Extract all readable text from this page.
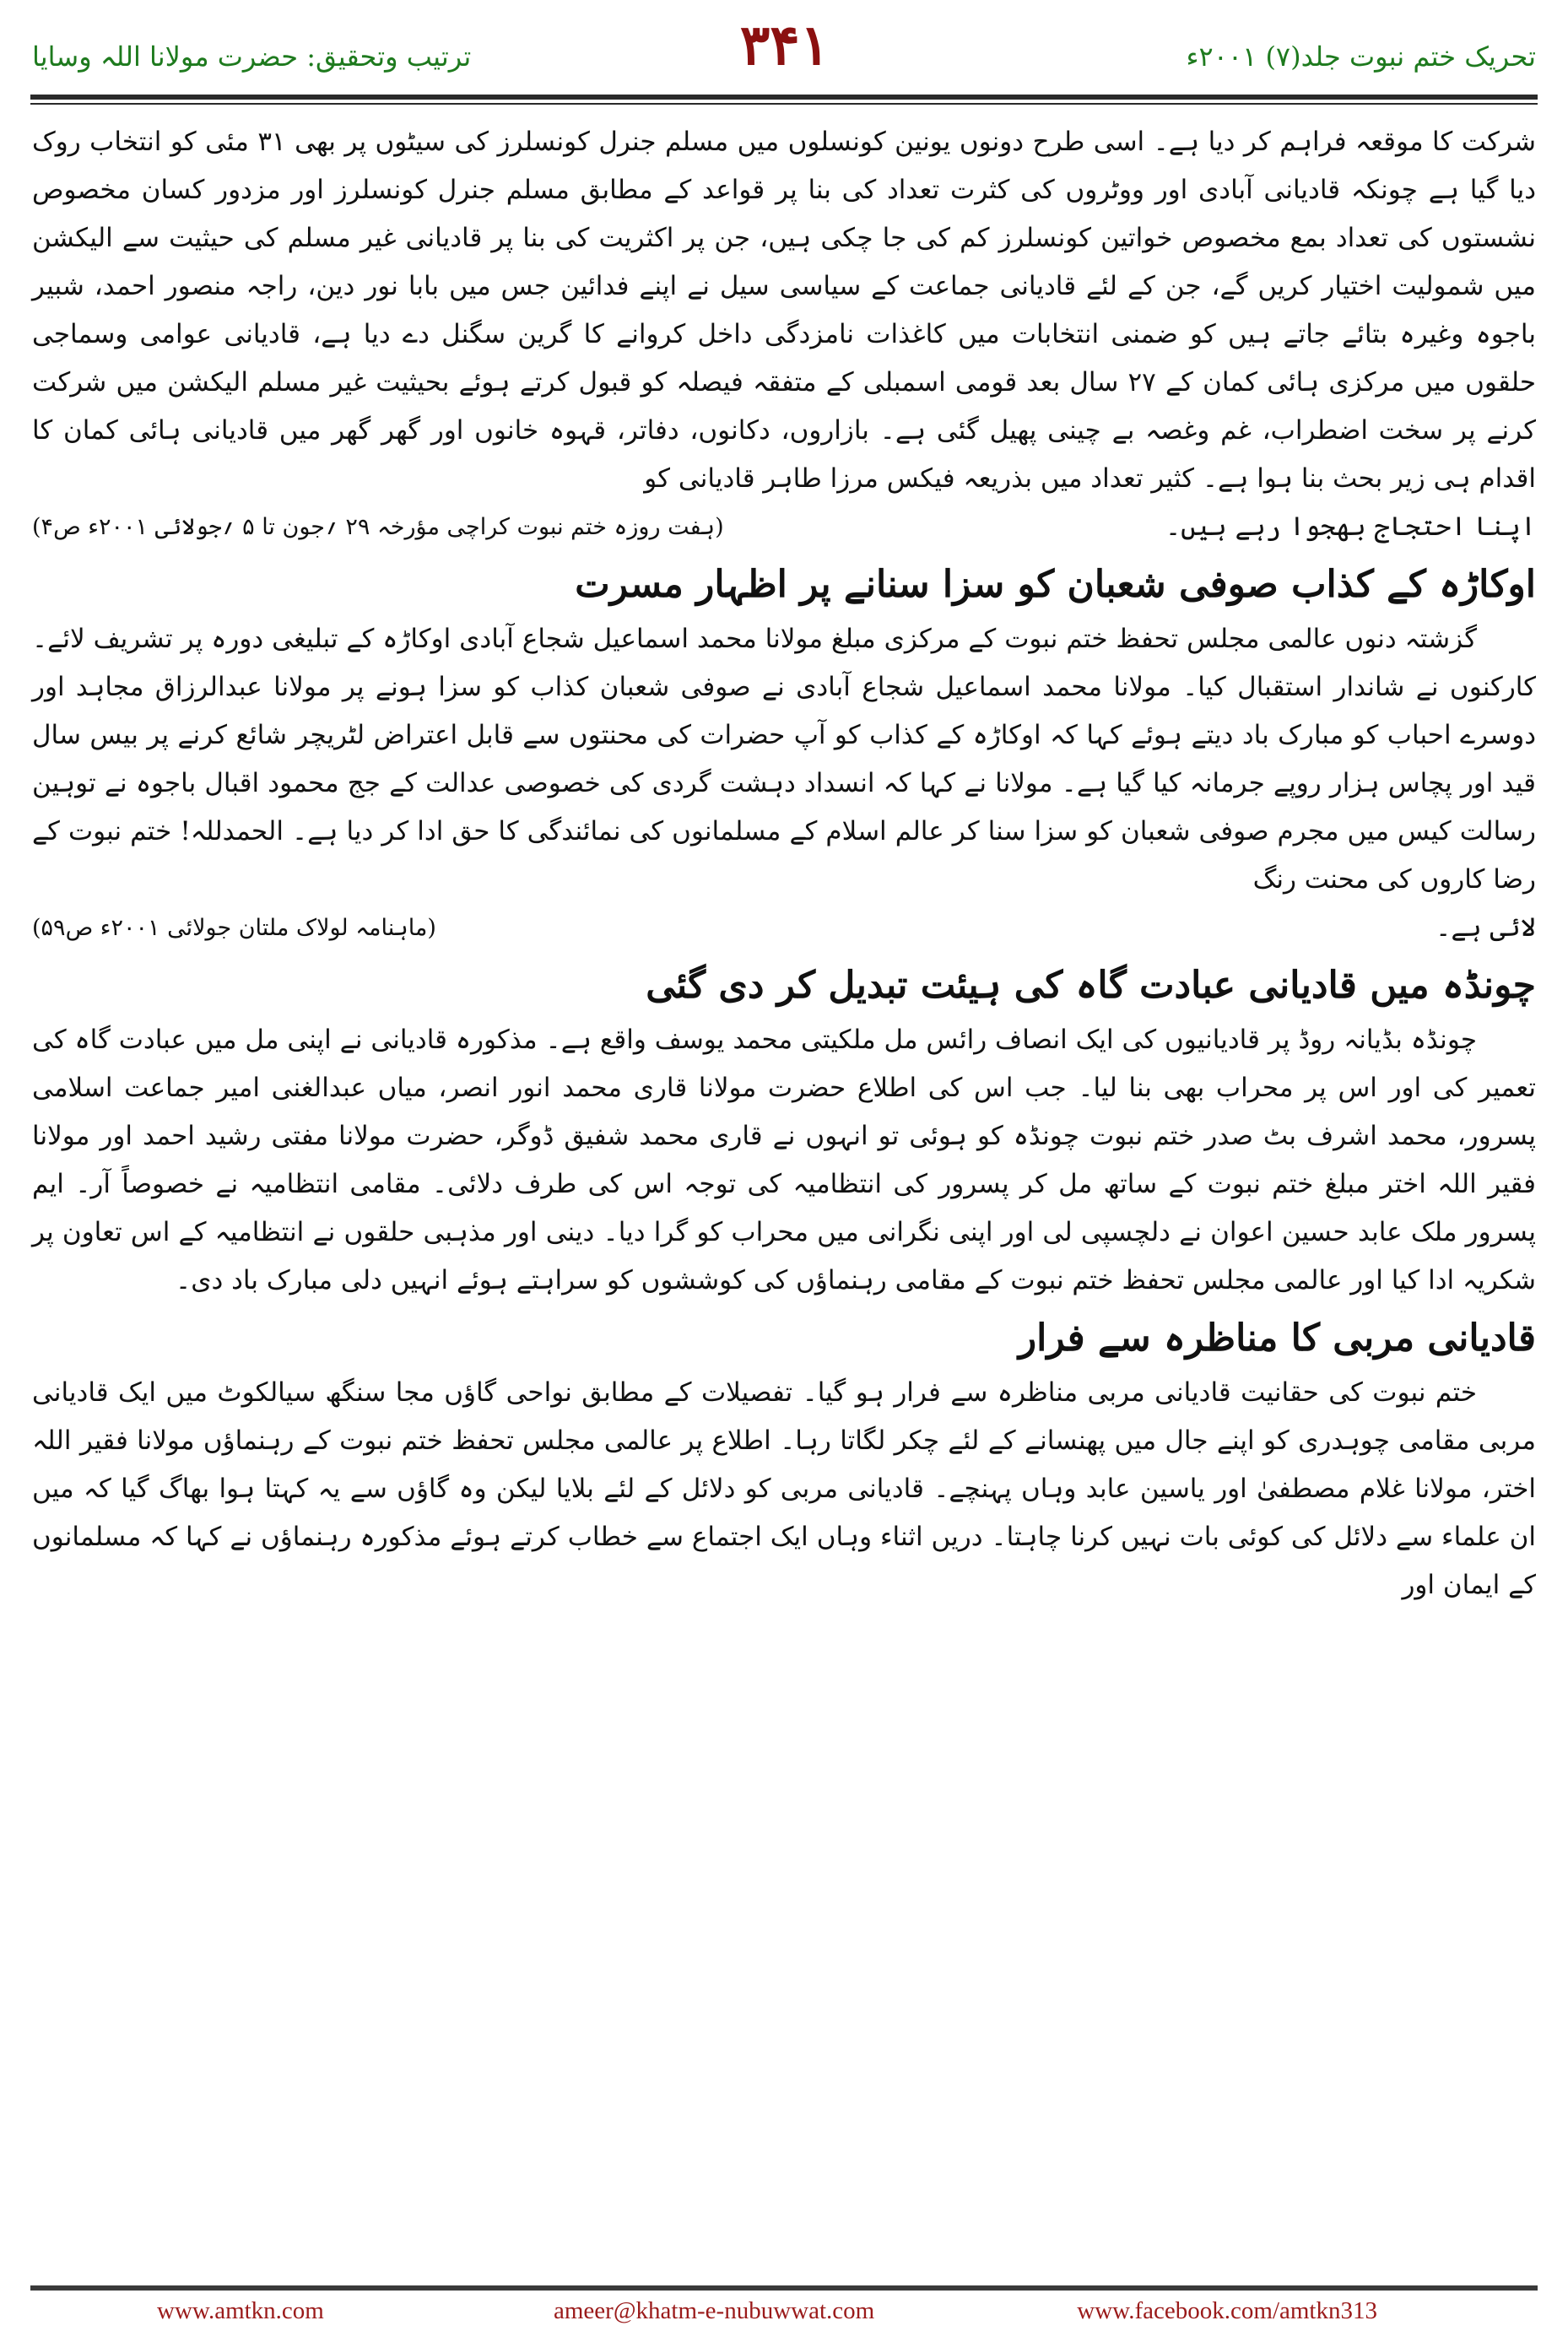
ترتیب وتحقیق: حضرت مولانا اللہ وسایا	۳۴۱	تحریک ختم نبوت جلد(۷) ۲۰۰۱ء

شرکت کا موقعہ فراہم کر دیا ہے۔ اسی طرح دونوں یونین کونسلوں میں مسلم جنرل کونسلرز کی سیٹوں پر بھی ۳۱ مئی کو انتخاب روک دیا گیا ہے چونکہ قادیانی آبادی اور ووٹروں کی کثرت تعداد کی بنا پر قواعد کے مطابق مسلم جنرل کونسلرز اور مزدور کسان مخصوص نشستوں کی تعداد بمع مخصوص خواتین کونسلرز کم کی جا چکی ہیں، جن پر اکثریت کی بنا پر قادیانی غیر مسلم کی حیثیت سے الیکشن میں شمولیت اختیار کریں گے، جن کے لئے قادیانی جماعت کے سیاسی سیل نے اپنے فدائین جس میں بابا نور دین، راجہ منصور احمد، شبیر باجوہ وغیرہ بتائے جاتے ہیں کو ضمنی انتخابات میں کاغذات نامزدگی داخل کروانے کا گرین سگنل دے دیا ہے، قادیانی عوامی وسماجی حلقوں میں مرکزی ہائی کمان کے ۲۷ سال بعد قومی اسمبلی کے متفقہ فیصلہ کو قبول کرتے ہوئے بحیثیت غیر مسلم الیکشن میں شرکت کرنے پر سخت اضطراب، غم وغصہ بے چینی پھیل گئی ہے۔ بازاروں، دکانوں، دفاتر، قہوہ خانوں اور گھر گھر میں قادیانی ہائی کمان کا اقدام ہی زیر بحث بنا ہوا ہے۔ کثیر تعداد میں بذریعہ فیکس مرزا طاہر قادیانی کو

اپنا احتجاج بھجوا رہے ہیں۔
(ہفت روزہ ختم نبوت کراچی مؤرخہ ۲۹ ؍جون تا ۵ ؍جولائی ۲۰۰۱ء ص۴)
اوکاڑہ کے کذاب صوفی شعبان کو سزا سنانے پر اظہار مسرت

گزشتہ دنوں عالمی مجلس تحفظ ختم نبوت کے مرکزی مبلغ مولانا محمد اسماعیل شجاع آبادی اوکاڑہ کے تبلیغی دورہ پر تشریف لائے۔ کارکنوں نے شاندار استقبال کیا۔ مولانا محمد اسماعیل شجاع آبادی نے صوفی شعبان کذاب کو سزا ہونے پر مولانا عبدالرزاق مجاہد اور دوسرے احباب کو مبارک باد دیتے ہوئے کہا کہ اوکاڑہ کے کذاب کو آپ حضرات کی محنتوں سے قابل اعتراض لٹریچر شائع کرنے پر بیس سال قید اور پچاس ہزار روپے جرمانہ کیا گیا ہے۔ مولانا نے کہا کہ انسداد دہشت گردی کی خصوصی عدالت کے جج محمود اقبال باجوہ نے توہین رسالت کیس میں مجرم صوفی شعبان کو سزا سنا کر عالم اسلام کے مسلمانوں کی نمائندگی کا حق ادا کر دیا ہے۔ الحمدللہ! ختم نبوت کے رضا کاروں کی محنت رنگ

لائی ہے۔
(ماہنامہ لولاک ملتان جولائی ۲۰۰۱ء ص۵۹)
چونڈہ میں قادیانی عبادت گاہ کی ہیئت تبدیل کر دی گئی

چونڈہ بڈیانہ روڈ پر قادیانیوں کی ایک انصاف رائس مل ملکیتی محمد یوسف واقع ہے۔ مذکورہ قادیانی نے اپنی مل میں عبادت گاہ کی تعمیر کی اور اس پر محراب بھی بنا لیا۔ جب اس کی اطلاع حضرت مولانا قاری محمد انور انصر، میاں عبدالغنی امیر جماعت اسلامی پسرور، محمد اشرف بٹ صدر ختم نبوت چونڈہ کو ہوئی تو انہوں نے قاری محمد شفیق ڈوگر، حضرت مولانا مفتی رشید احمد اور مولانا فقیر اللہ اختر مبلغ ختم نبوت کے ساتھ مل کر پسرور کی انتظامیہ کی توجہ اس کی طرف دلائی۔ مقامی انتظامیہ نے خصوصاً آر۔ ایم پسرور ملک عابد حسین اعوان نے دلچسپی لی اور اپنی نگرانی میں محراب کو گرا دیا۔ دینی اور مذہبی حلقوں نے انتظامیہ کے اس تعاون پر شکریہ ادا کیا اور عالمی مجلس تحفظ ختم نبوت کے مقامی رہنماؤں کی کوششوں کو سراہتے ہوئے انہیں دلی مبارک باد دی۔

قادیانی مربی کا مناظرہ سے فرار

ختم نبوت کی حقانیت قادیانی مربی مناظرہ سے فرار ہو گیا۔ تفصیلات کے مطابق نواحی گاؤں مجا سنگھ سیالکوٹ میں ایک قادیانی مربی مقامی چوہدری کو اپنے جال میں پھنسانے کے لئے چکر لگاتا رہا۔ اطلاع پر عالمی مجلس تحفظ ختم نبوت کے رہنماؤں مولانا فقیر اللہ اختر، مولانا غلام مصطفیٰ اور یاسین عابد وہاں پہنچے۔ قادیانی مربی کو دلائل کے لئے بلایا لیکن وہ گاؤں سے یہ کہتا ہوا بھاگ گیا کہ میں ان علماء سے دلائل کی کوئی بات نہیں کرنا چاہتا۔ دریں اثناء وہاں ایک اجتماع سے خطاب کرتے ہوئے مذکورہ رہنماؤں نے کہا کہ مسلمانوں کے ایمان اور

www.amtkn.com	ameer@khatm-e-nubuwwat.com	www.facebook.com/amtkn313
